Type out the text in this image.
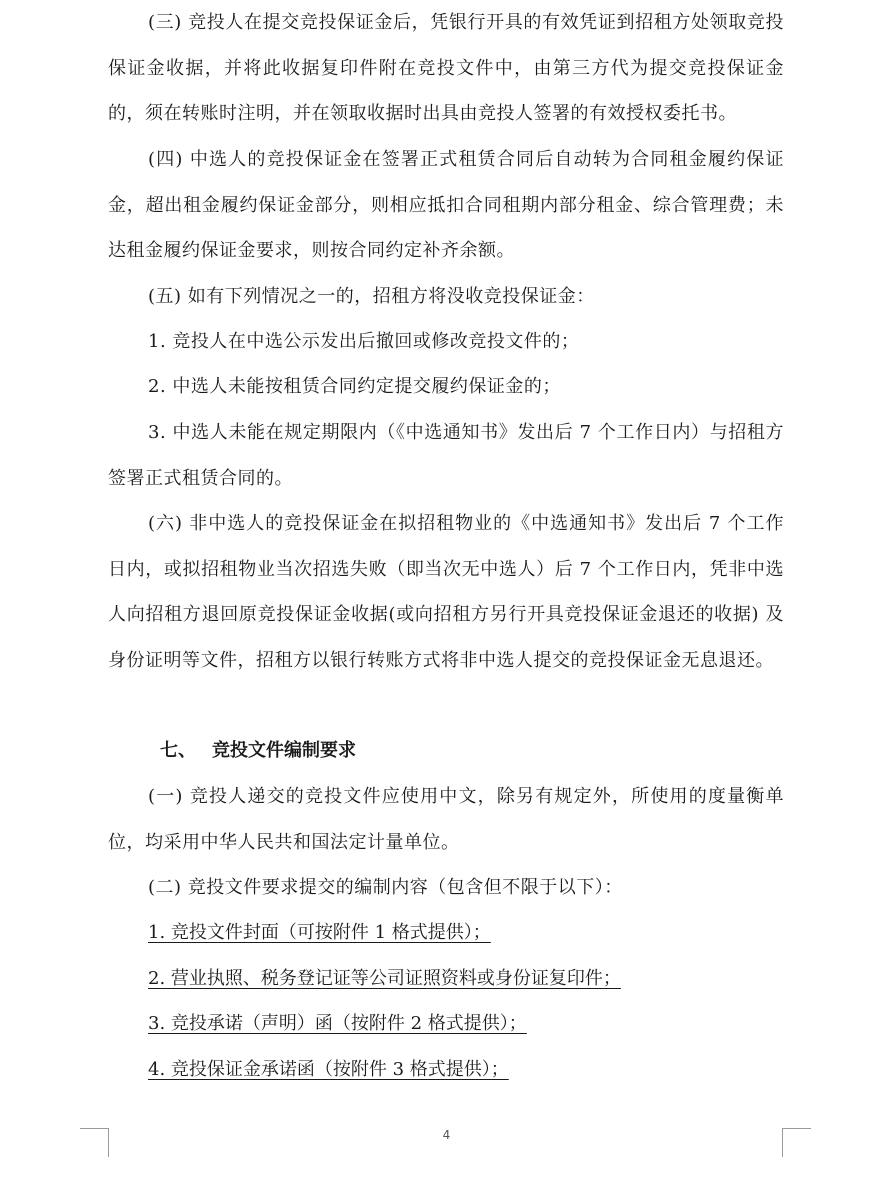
(三) 竞投人在提交竞投保证金后，凭银行开具的有效凭证到招租方处领取竞投保证金收据，并将此收据复印件附在竞投文件中，由第三方代为提交竞投保证金的，须在转账时注明，并在领取收据时出具由竞投人签署的有效授权委托书。

(四) 中选人的竞投保证金在签署正式租赁合同后自动转为合同租金履约保证金，超出租金履约保证金部分，则相应抵扣合同租期内部分租金、综合管理费；未达租金履约保证金要求，则按合同约定补齐余额。

(五) 如有下列情况之一的，招租方将没收竞投保证金：

1. 竞投人在中选公示发出后撤回或修改竞投文件的；

2. 中选人未能按租赁合同约定提交履约保证金的；

3. 中选人未能在规定期限内（《中选通知书》发出后 7 个工作日内）与招租方签署正式租赁合同的。

(六) 非中选人的竞投保证金在拟招租物业的《中选通知书》发出后 7 个工作日内，或拟招租物业当次招选失败（即当次无中选人）后 7 个工作日内，凭非中选人向招租方退回原竞投保证金收据(或向招租方另行开具竞投保证金退还的收据) 及身份证明等文件，招租方以银行转账方式将非中选人提交的竞投保证金无息退还。

七、 竞投文件编制要求

(一) 竞投人递交的竞投文件应使用中文，除另有规定外，所使用的度量衡单位，均采用中华人民共和国法定计量单位。

(二) 竞投文件要求提交的编制内容（包含但不限于以下）：

1. 竞投文件封面（可按附件 1 格式提供）；

2. 营业执照、税务登记证等公司证照资料或身份证复印件；

3. 竞投承诺（声明）函（按附件 2 格式提供）；

4. 竞投保证金承诺函（按附件 3 格式提供）；

4
